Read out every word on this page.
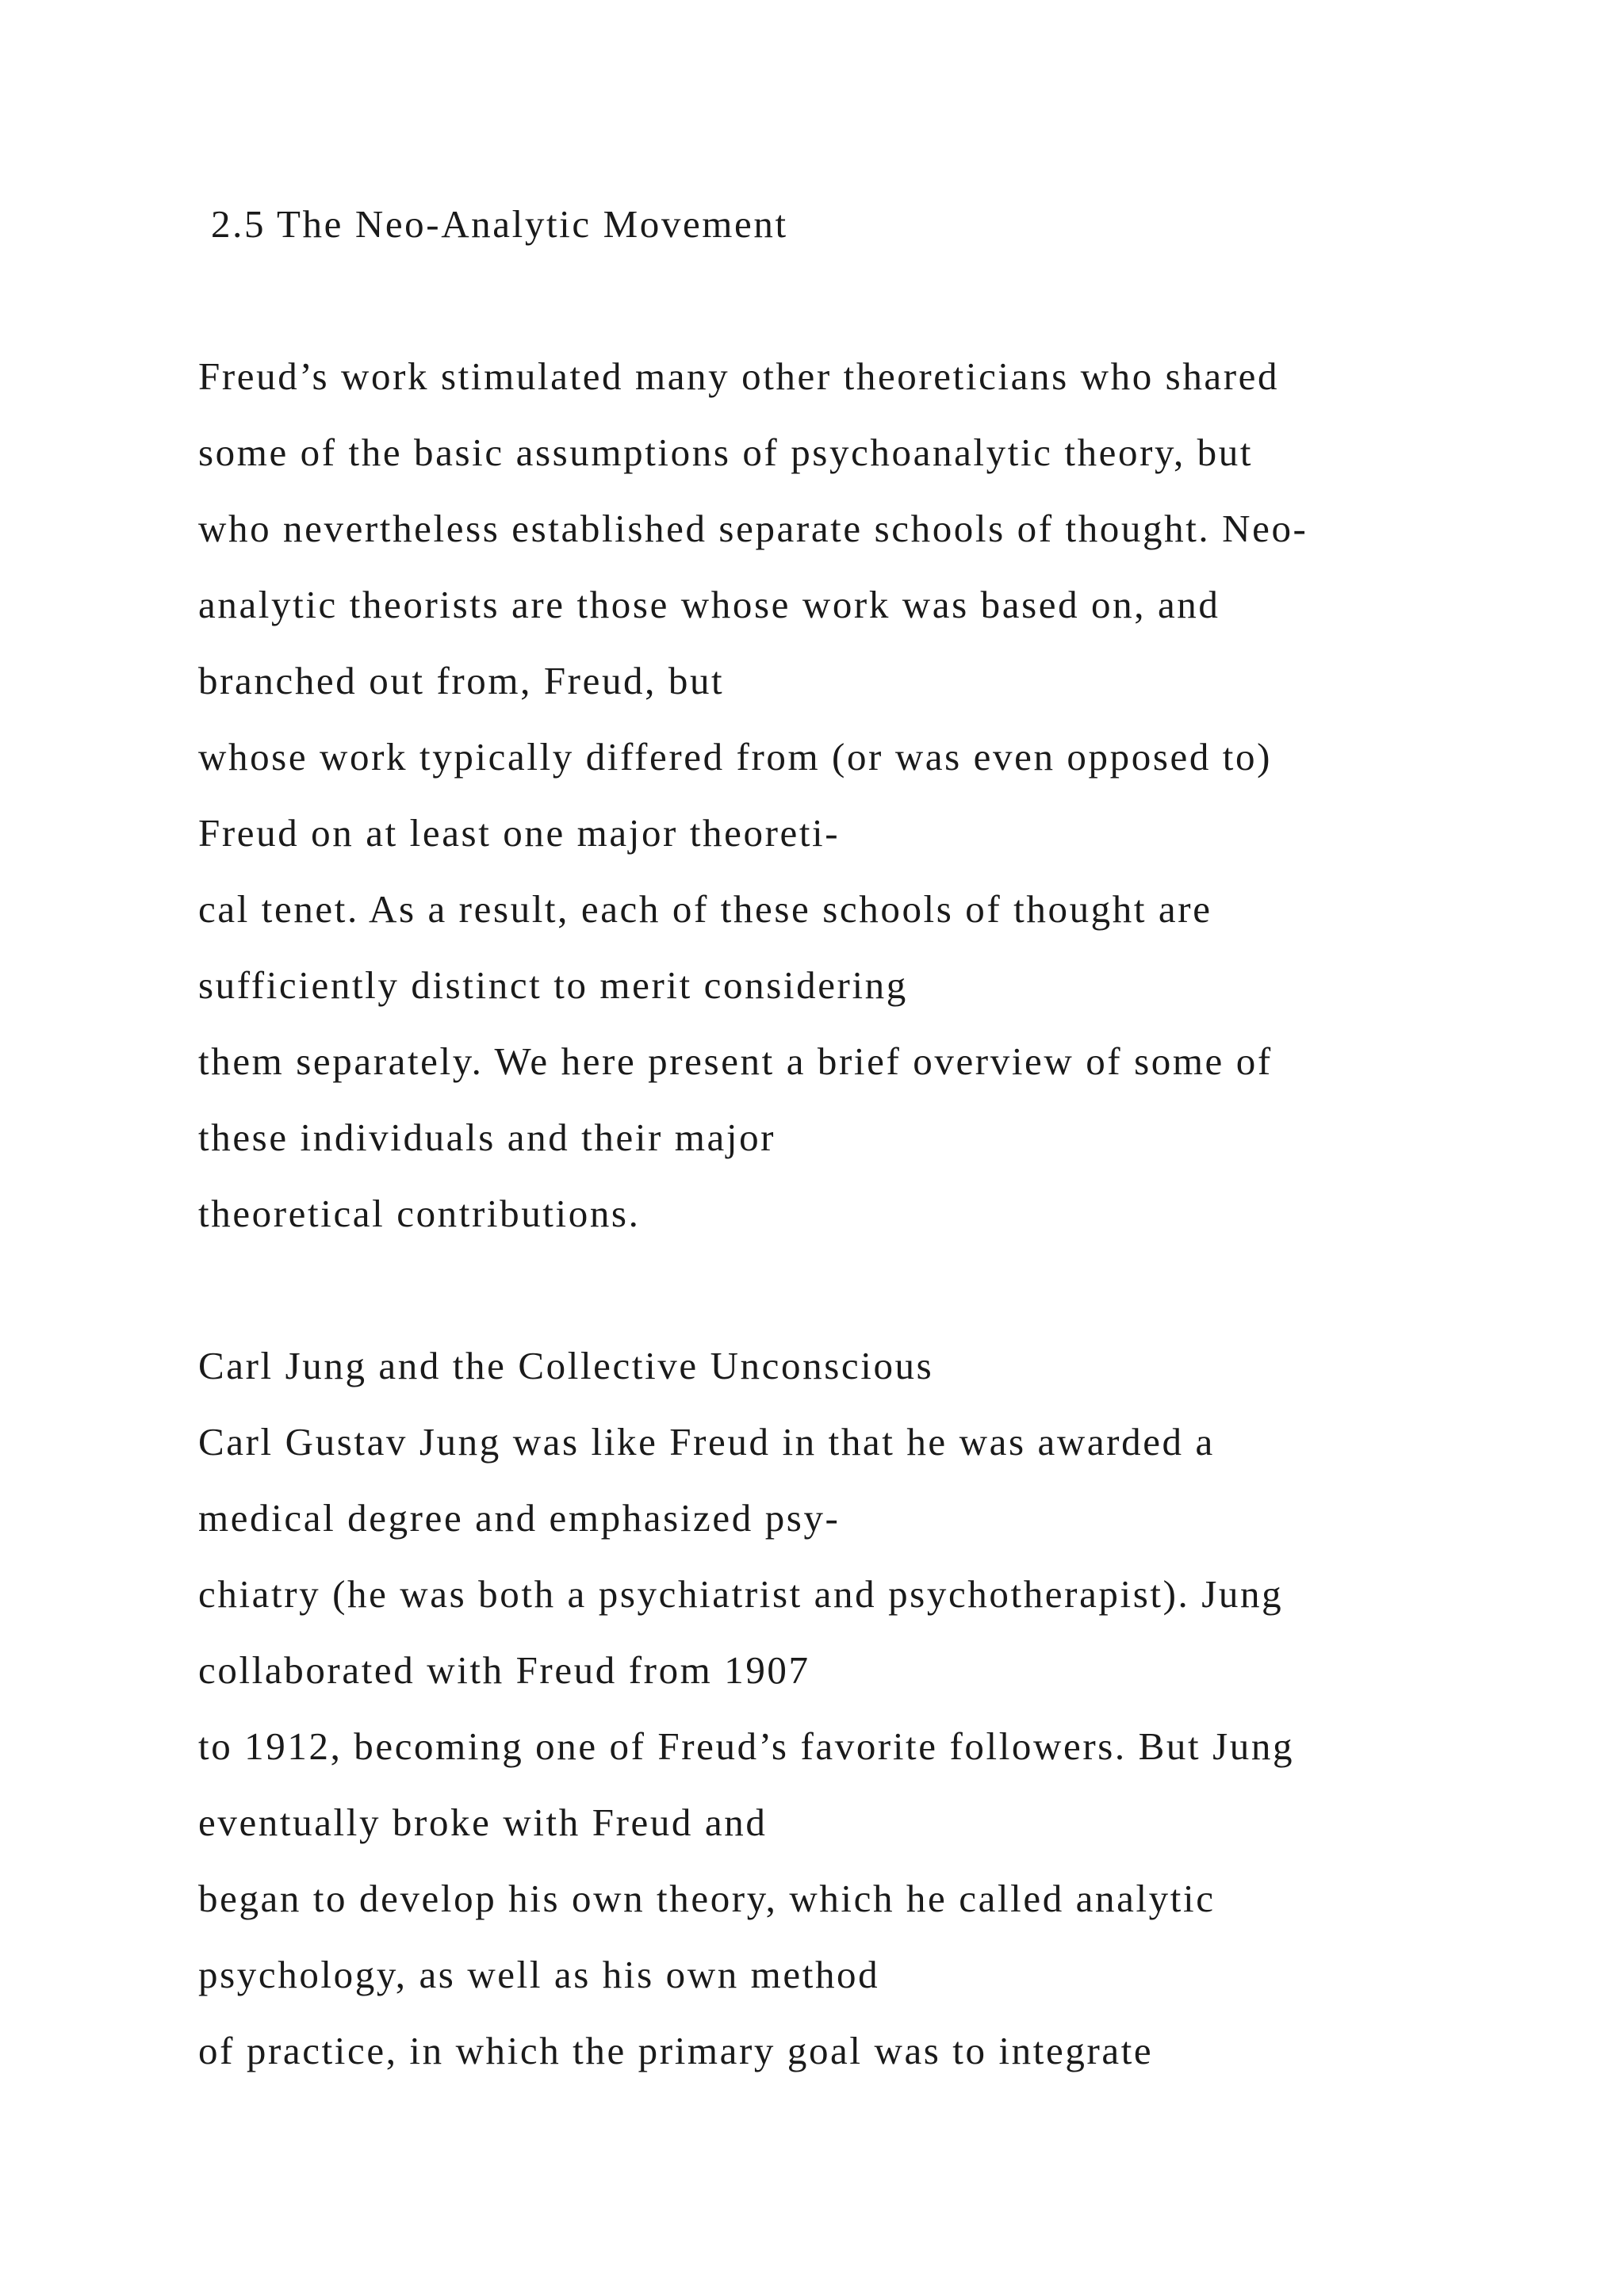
2.5 The Neo-Analytic Movement
Freud’s work stimulated many other theoreticians who shared
some of the basic assumptions of psychoanalytic theory, but
who nevertheless established separate schools of thought. Neo-
analytic theorists are those whose work was based on, and
branched out from, Freud, but
whose work typically differed from (or was even opposed to)
Freud on at least one major theoreti-
cal tenet. As a result, each of these schools of thought are
sufficiently distinct to merit considering
them separately. We here present a brief overview of some of
these individuals and their major
theoretical contributions.
Carl Jung and the Collective Unconscious
Carl Gustav Jung was like Freud in that he was awarded a
medical degree and emphasized psy-
chiatry (he was both a psychiatrist and psychotherapist). Jung
collaborated with Freud from 1907
to 1912, becoming one of Freud’s favorite followers. But Jung
eventually broke with Freud and
began to develop his own theory, which he called analytic
psychology, as well as his own method
of practice, in which the primary goal was to integrate
